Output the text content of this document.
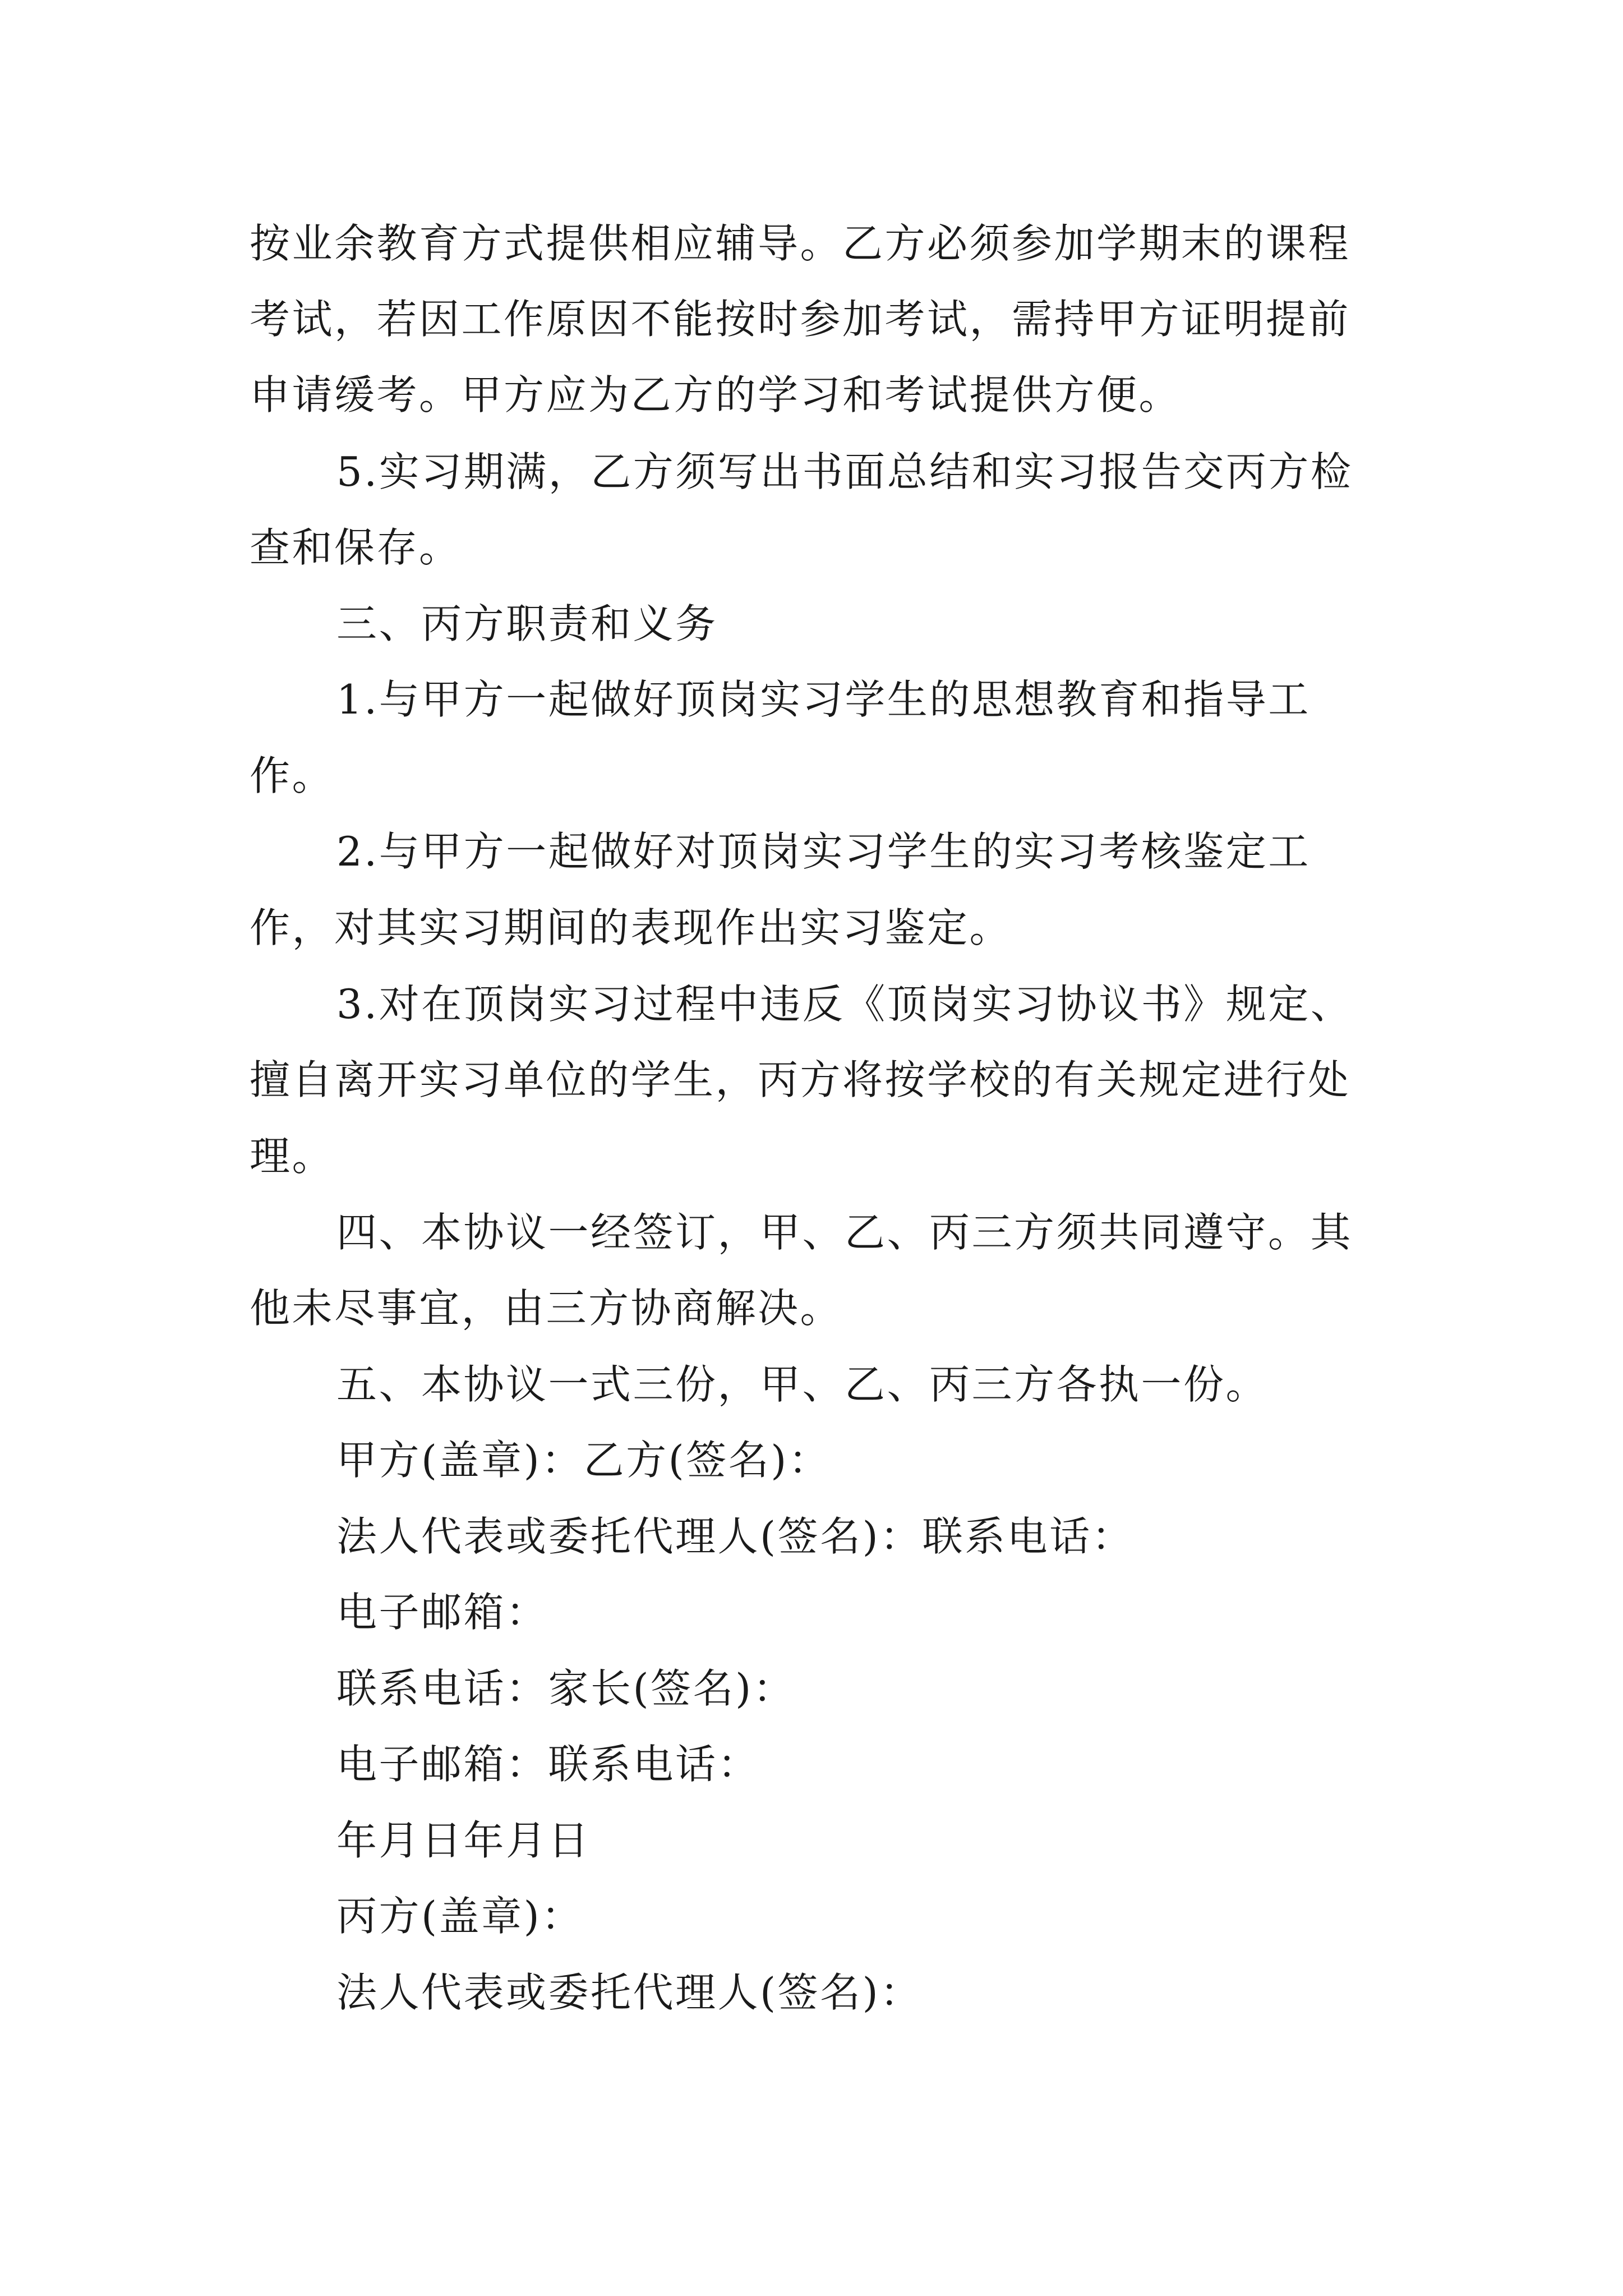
按业余教育方式提供相应辅导。乙方必须参加学期末的课程
考试，若因工作原因不能按时参加考试，需持甲方证明提前
申请缓考。甲方应为乙方的学习和考试提供方便。
5.实习期满，乙方须写出书面总结和实习报告交丙方检
查和保存。
三、丙方职责和义务
1.与甲方一起做好顶岗实习学生的思想教育和指导工
作。
2.与甲方一起做好对顶岗实习学生的实习考核鉴定工
作，对其实习期间的表现作出实习鉴定。
3.对在顶岗实习过程中违反《顶岗实习协议书》规定、
擅自离开实习单位的学生，丙方将按学校的有关规定进行处
理。
四、本协议一经签订，甲、乙、丙三方须共同遵守。其
他未尽事宜，由三方协商解决。
五、本协议一式三份，甲、乙、丙三方各执一份。
甲方(盖章)：乙方(签名)：
法人代表或委托代理人(签名)：联系电话：
电子邮箱：
联系电话：家长(签名)：
电子邮箱：联系电话：
年月日年月日
丙方(盖章)：
法人代表或委托代理人(签名)：
